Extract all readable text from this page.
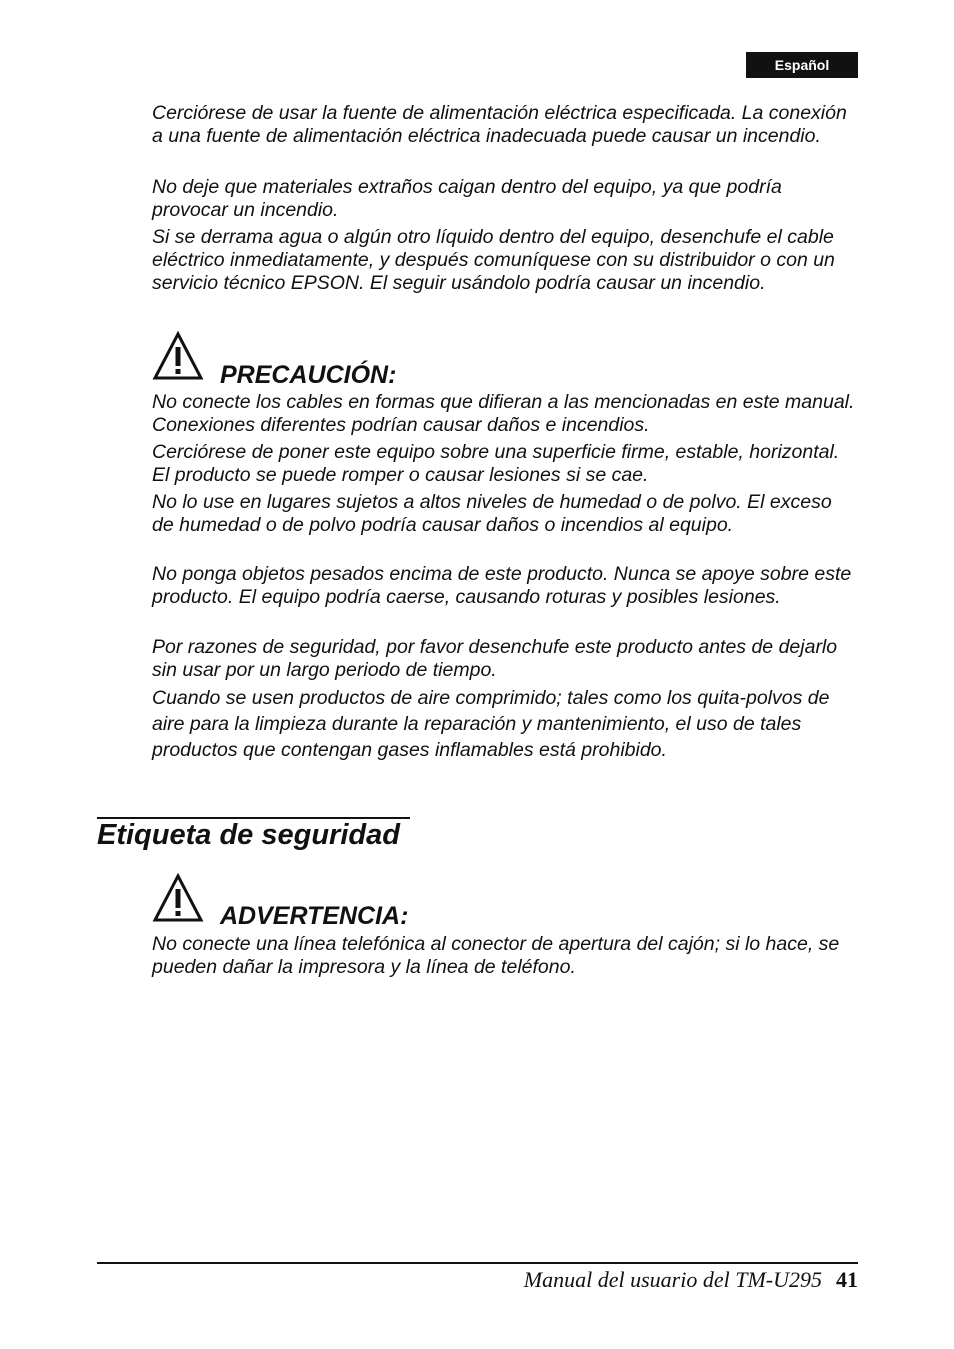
Español

Cerciórese de usar la fuente de alimentación eléctrica especificada. La conexión a una fuente de alimentación eléctrica inadecuada puede causar un incendio.

No deje que materiales extraños caigan dentro del equipo, ya que podría provocar un incendio.

Si se derrama agua o algún otro líquido dentro del equipo, desenchufe el cable eléctrico inmediatamente, y después comuníquese con su distribuidor o con un servicio técnico EPSON. El seguir usándolo podría causar un incendio.

PRECAUCIÓN:

No conecte los cables en formas que difieran a las mencionadas en este manual. Conexiones diferentes podrían causar daños e incendios.

Cerciórese de poner este equipo sobre una superficie firme, estable, horizontal. El producto se puede romper o causar lesiones si se cae.

No lo use en lugares sujetos a altos niveles de humedad o de polvo. El exceso de humedad o de polvo podría causar daños o incendios al equipo.

No ponga objetos pesados encima de este producto. Nunca se apoye sobre este producto. El equipo podría caerse, causando roturas y posibles lesiones.

Por razones de seguridad, por favor desenchufe este producto antes de dejarlo sin usar por un largo periodo de tiempo.

Cuando se usen productos de aire comprimido; tales como los quita-polvos de aire para la limpieza durante la reparación y mantenimiento, el uso de tales productos que contengan gases inflamables está prohibido.

Etiqueta de seguridad
ADVERTENCIA:

No conecte una línea telefónica al conector de apertura del cajón; si lo hace, se pueden dañar la impresora y la línea de teléfono.

Manual del usuario del TM-U295 41
